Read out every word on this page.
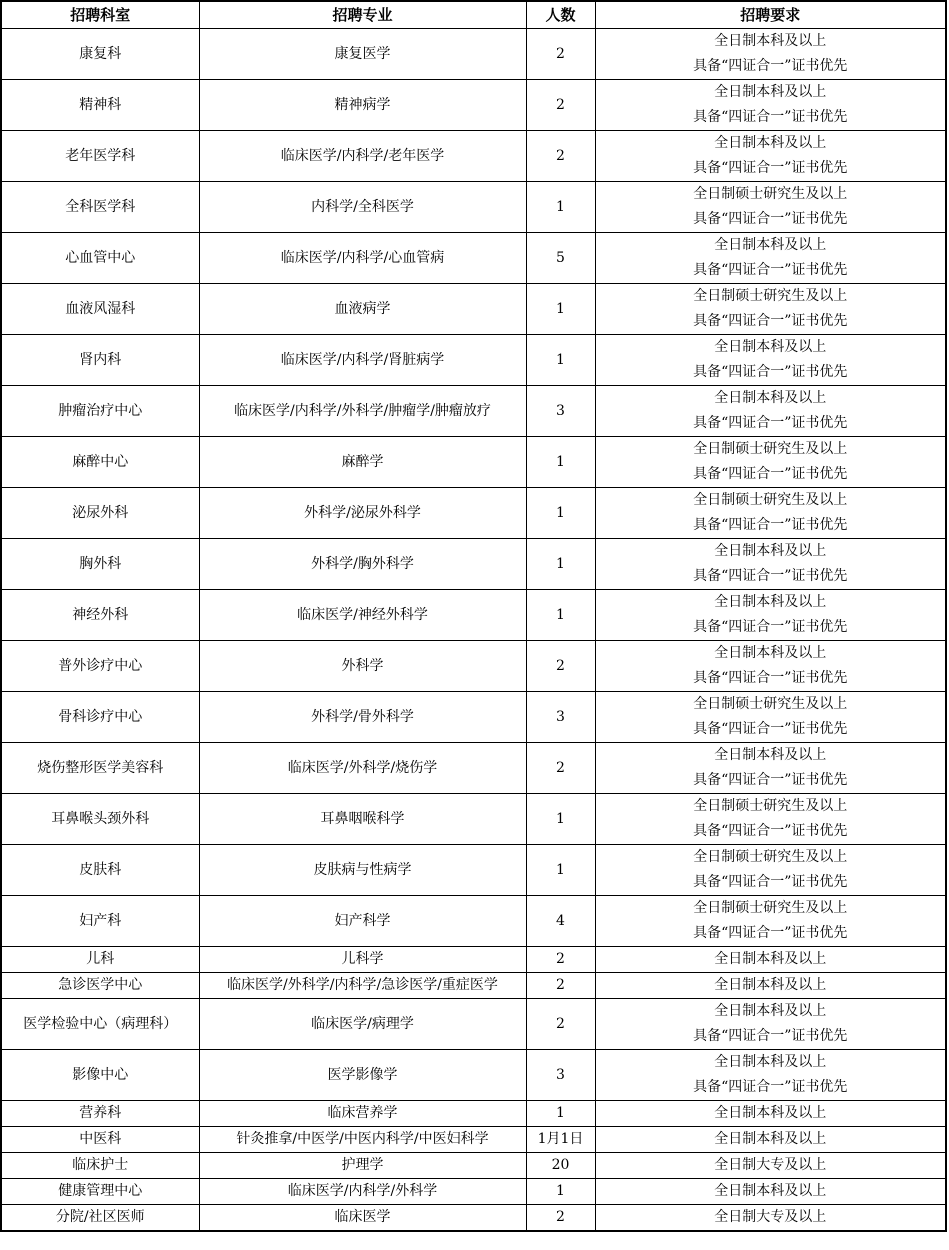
招聘科室	招聘专业	人数	招聘要求
康复科	康复医学	2	全日制本科及以上
具备“四证合一”证书优先

精神科	精神病学	2	全日制本科及以上
具备“四证合一”证书优先

老年医学科	临床医学/内科学/老年医学	2	全日制本科及以上
具备“四证合一”证书优先

全科医学科	内科学/全科医学	1	全日制硕士研究生及以上
具备“四证合一”证书优先

心血管中心	临床医学/内科学/心血管病	5	全日制本科及以上
具备“四证合一”证书优先

血液风湿科	血液病学	1	全日制硕士研究生及以上
具备“四证合一”证书优先

肾内科	临床医学/内科学/肾脏病学	1	全日制本科及以上
具备“四证合一”证书优先

肿瘤治疗中心	临床医学/内科学/外科学/肿瘤学/肿瘤放疗	3	全日制本科及以上
具备“四证合一”证书优先

麻醉中心	麻醉学	1	全日制硕士研究生及以上
具备“四证合一”证书优先

泌尿外科	外科学/泌尿外科学	1	全日制硕士研究生及以上
具备“四证合一”证书优先

胸外科	外科学/胸外科学	1	全日制本科及以上
具备“四证合一”证书优先

神经外科	临床医学/神经外科学	1	全日制本科及以上
具备“四证合一”证书优先

普外诊疗中心	外科学	2	全日制本科及以上
具备“四证合一”证书优先

骨科诊疗中心	外科学/骨外科学	3	全日制硕士研究生及以上
具备“四证合一”证书优先

烧伤整形医学美容科	临床医学/外科学/烧伤学	2	全日制本科及以上
具备“四证合一”证书优先

耳鼻喉头颈外科	耳鼻咽喉科学	1	全日制硕士研究生及以上
具备“四证合一”证书优先

皮肤科	皮肤病与性病学	1	全日制硕士研究生及以上
具备“四证合一”证书优先

妇产科	妇产科学	4	全日制硕士研究生及以上
具备“四证合一”证书优先

儿科	儿科学	2	全日制本科及以上

急诊医学中心	临床医学/外科学/内科学/急诊医学/重症医学	2	全日制本科及以上

医学检验中心（病理科）	临床医学/病理学	2	全日制本科及以上
具备“四证合一”证书优先

影像中心	医学影像学	3	全日制本科及以上
具备“四证合一”证书优先

营养科	临床营养学	1	全日制本科及以上

中医科	针灸推拿/中医学/中医内科学/中医妇科学	1月1日	全日制本科及以上

临床护士	护理学	20	全日制大专及以上

健康管理中心	临床医学/内科学/外科学	1	全日制本科及以上

分院/社区医师	临床医学	2	全日制大专及以上
